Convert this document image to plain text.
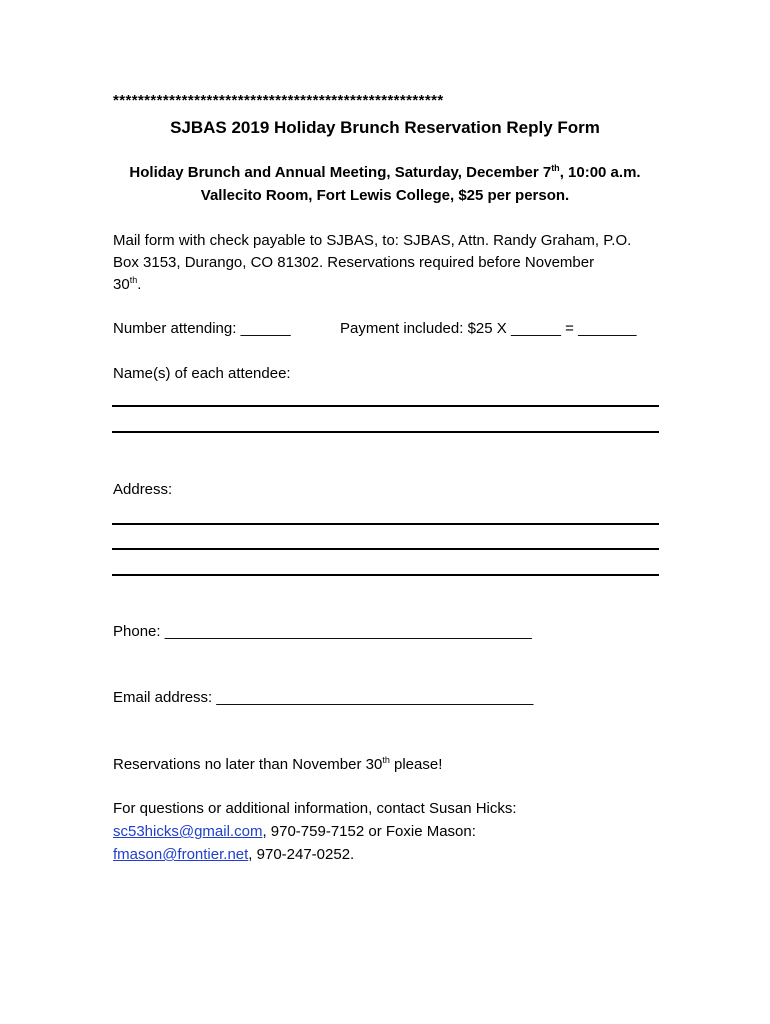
*****************************************************
SJBAS 2019 Holiday Brunch Reservation Reply Form
Holiday Brunch and Annual Meeting, Saturday, December 7th, 10:00 a.m.
Vallecito Room, Fort Lewis College, $25 per person.
Mail form with check payable to SJBAS, to: SJBAS, Attn. Randy Graham, P.O.
Box 3153, Durango, CO 81302. Reservations required before November
30th.
Number attending: ______	Payment included: $25 X ______ = _______
Name(s) of each attendee:
Address:
Phone: ____________________________________________
Email address: ______________________________________
Reservations no later than November 30th please!
For questions or additional information, contact Susan Hicks:
sc53hicks@gmail.com, 970-759-7152 or Foxie Mason:
fmason@frontier.net, 970-247-0252.
